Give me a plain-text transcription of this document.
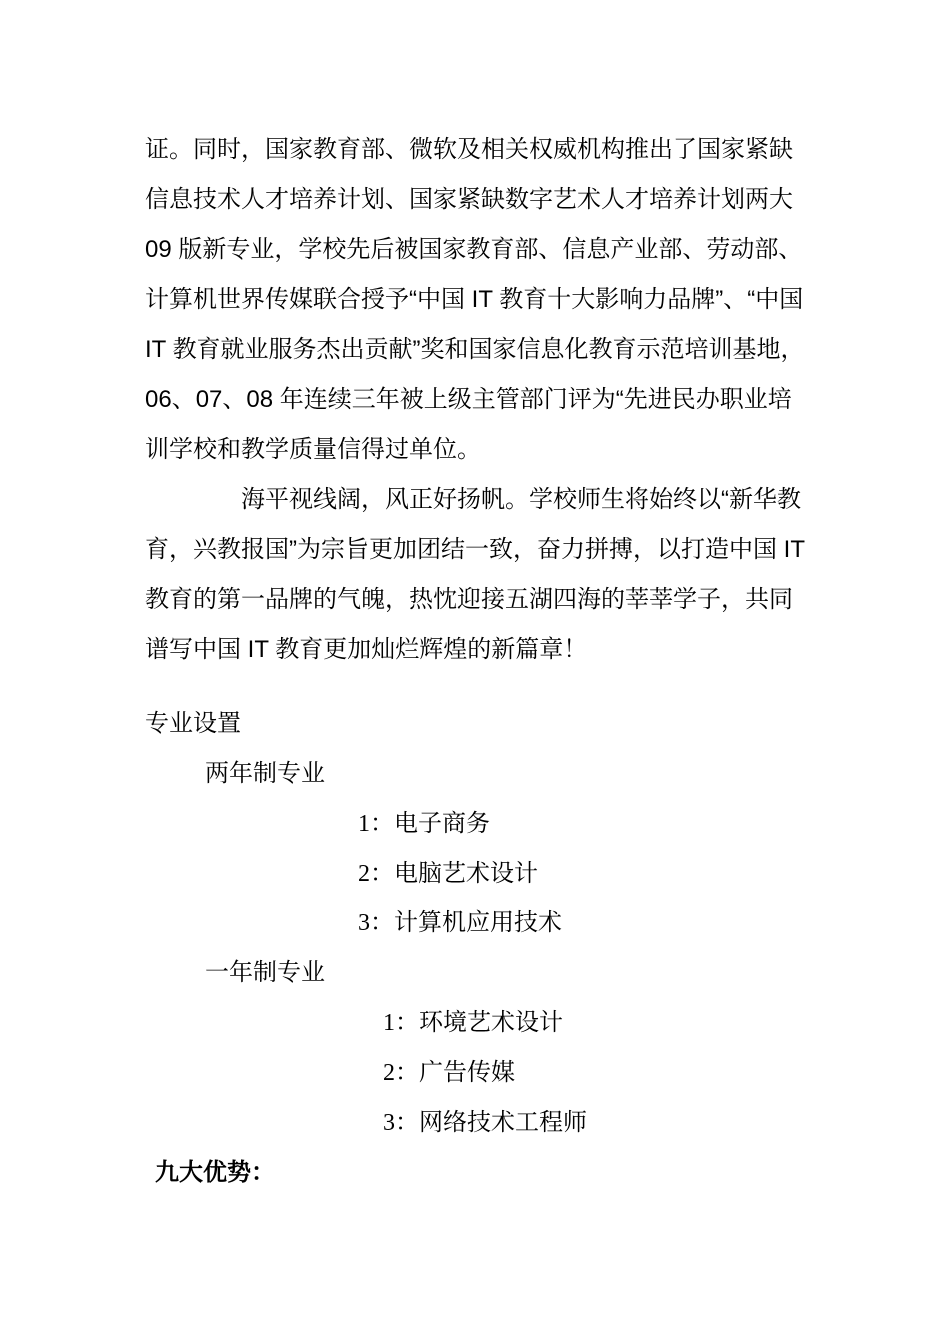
证。同时，国家教育部、微软及相关权威机构推出了国家紧缺
信息技术人才培养计划、国家紧缺数字艺术人才培养计划两大
09 版新专业，学校先后被国家教育部、信息产业部、劳动部、
计算机世界传媒联合授予“中国 IT 教育十大影响力品牌”、“中国
IT 教育就业服务杰出贡献”奖和国家信息化教育示范培训基地，
06、07、08 年连续三年被上级主管部门评为“先进民办职业培
训学校和教学质量信得过单位。
海平视线阔，风正好扬帆。学校师生将始终以“新华教
育，兴教报国”为宗旨更加团结一致，奋力拼搏，以打造中国 IT
教育的第一品牌的气魄，热忱迎接五湖四海的莘莘学子，共同
谱写中国 IT 教育更加灿烂辉煌的新篇章！
专业设置
两年制专业
1：电子商务
2：电脑艺术设计
3：计算机应用技术
一年制专业
1：环境艺术设计
2：广告传媒
3：网络技术工程师
九大优势：
